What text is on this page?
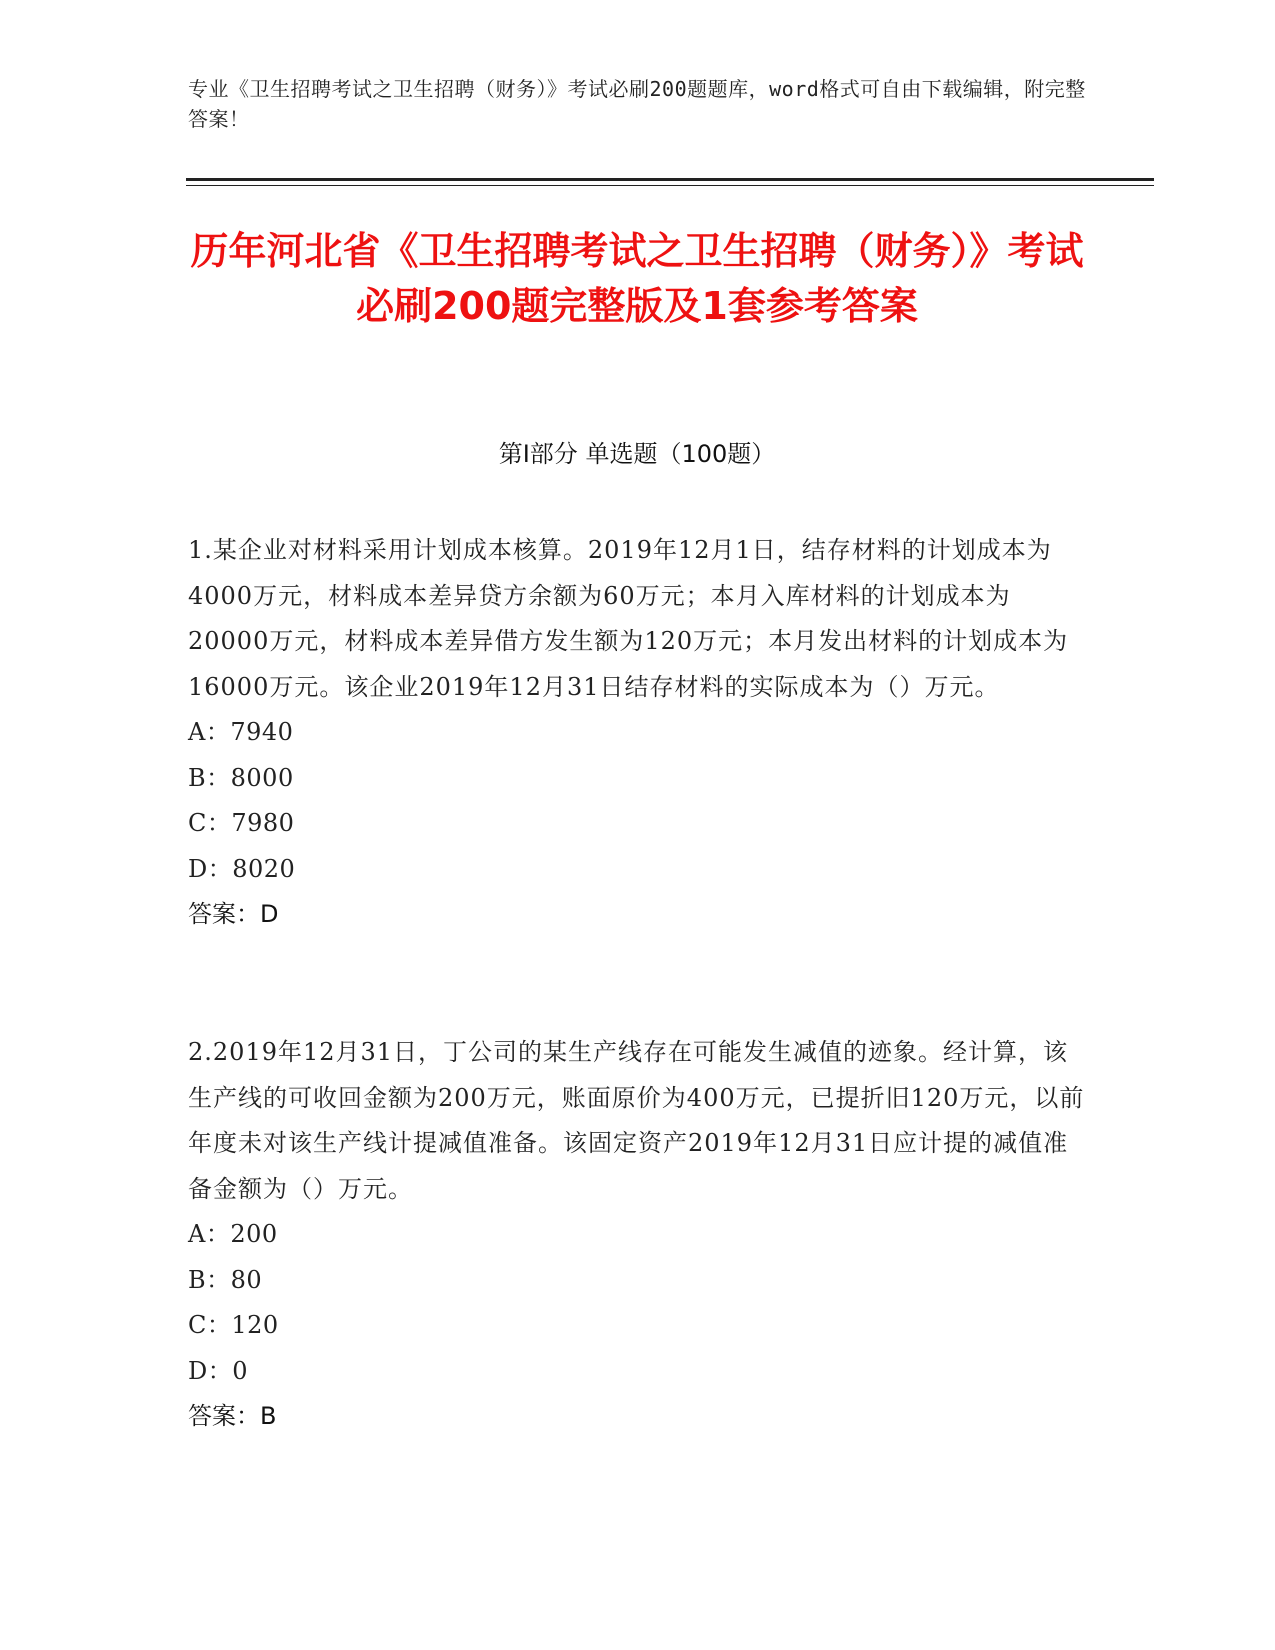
专业《卫生招聘考试之卫生招聘（财务）》考试必刷200题题库，word格式可自由下载编辑，附完整答案！
历年河北省《卫生招聘考试之卫生招聘（财务）》考试必刷200题完整版及1套参考答案
第I部分 单选题（100题）
1.某企业对材料采用计划成本核算。2019年12月1日，结存材料的计划成本为4000万元，材料成本差异贷方余额为60万元；本月入库材料的计划成本为20000万元，材料成本差异借方发生额为120万元；本月发出材料的计划成本为16000万元。该企业2019年12月31日结存材料的实际成本为（）万元。
A：7940
B：8000
C：7980
D：8020
答案：D
2.2019年12月31日，丁公司的某生产线存在可能发生减值的迹象。经计算，该生产线的可收回金额为200万元，账面原价为400万元，已提折旧120万元，以前年度未对该生产线计提减值准备。该固定资产2019年12月31日应计提的减值准备金额为（）万元。
A：200
B：80
C：120
D：0
答案：B
